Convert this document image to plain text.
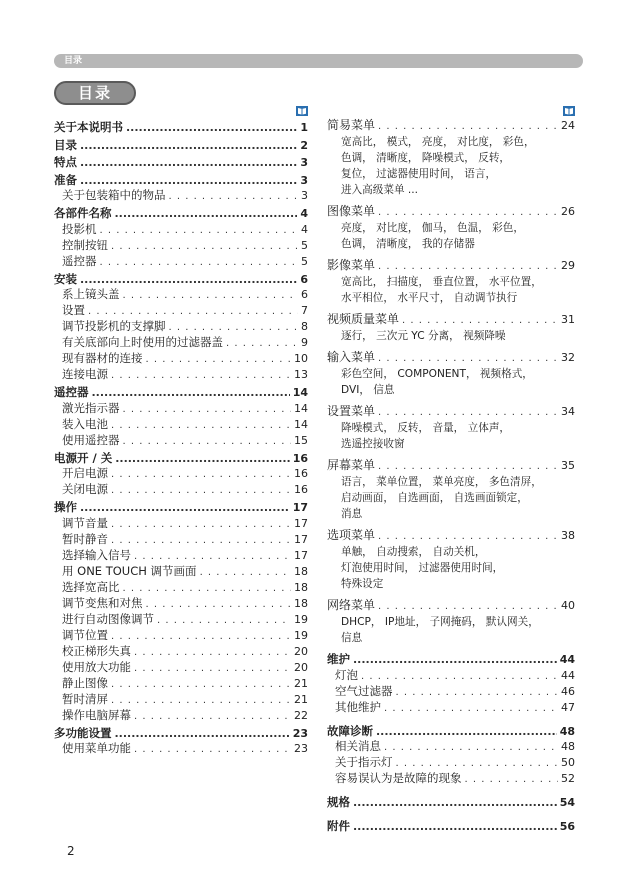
目录
目录
关于本说明书 .....	1
目录 .....	2
特点 .....	3
准备 .....	3
关于包装箱中的物品 . . .	3
各部件名称 .....	4
投影机 . . .	4
控制按钮 . . .	5
遥控器 . . .	5
安装 .....	6
系上镜头盖 . . .	6
设置 . . .	7
调节投影机的支撑脚 . . .	8
有关底部向上时使用的过滤器盖 . . .	9
现有器材的连接 . . .	10
连接电源 . . .	13
遥控器 .....	14
激光指示器 . . .	14
装入电池 . . .	14
使用遥控器 . . .	15
电源开 / 关 .....	16
开启电源 . . .	16
关闭电源 . . .	16
操作 .....	17
调节音量 . . .	17
暂时静音 . . .	17
选择输入信号 . . .	17
用 ONE TOUCH 调节画面 . . .	18
选择宽高比 . . .	18
调节变焦和对焦 . . .	18
进行自动图像调节 . . .	19
调节位置 . . .	19
校正梯形失真 . . .	20
使用放大功能 . . .	20
静止图像 . . .	21
暂时清屏 . . .	21
操作电脑屏幕 . . .	22
多功能设置 .....	23
使用菜单功能 . . .	23
简易菜单 . . .	24
宽高比， 模式， 亮度， 对比度， 彩色，
色调， 清晰度， 降噪模式， 反转，
复位， 过滤器使用时间， 语言，
进入高级菜单 ...
图像菜单 . . .	26
亮度， 对比度， 伽马， 色温， 彩色，
色调， 清晰度， 我的存储器
影像菜单 . . .	29
宽高比， 扫描度， 垂直位置， 水平位置，
水平相位， 水平尺寸， 自动调节执行
视频质量菜单 . . .	31
逐行， 三次元 YC 分离， 视频降噪
输入菜单 . . .	32
彩色空间， COMPONENT， 视频格式，
DVI， 信息
设置菜单 . . .	34
降噪模式， 反转， 音量， 立体声，
选遥控接收窗
屏幕菜单 . . .	35
语言， 菜单位置， 菜单亮度， 多色清屏，
启动画面， 自选画面， 自选画面锁定，
消息
选项菜单 . . .	38
单触， 自动搜索， 自动关机，
灯泡使用时间， 过滤器使用时间，
特殊设定
网络菜单 . . .	40
DHCP， IP地址， 子网掩码， 默认网关，
信息
维护 .....	44
灯泡 . . .	44
空气过滤器 . . .	46
其他维护 . . .	47
故障诊断 .....	48
相关消息 . . .	48
关于指示灯 . . .	50
容易误认为是故障的现象 . . .	52
规格 .....	54
附件 .....	56
2
